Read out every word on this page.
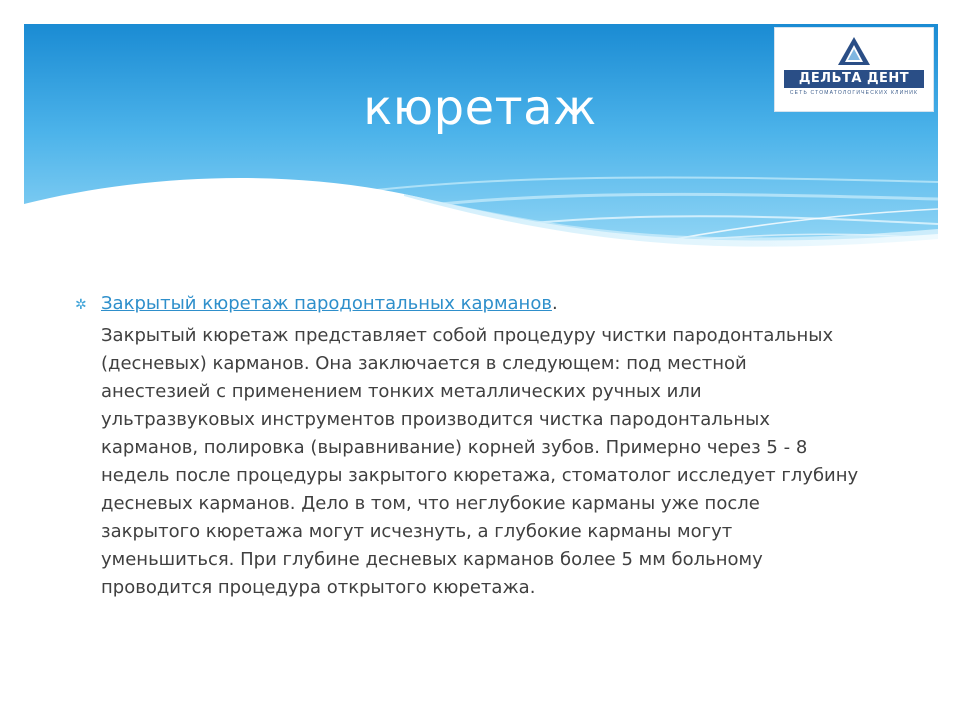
кюретаж
ДЕЛЬТА ДЕНТ
СЕТЬ СТОМАТОЛОГИЧЕСКИХ КЛИНИК
✲ Закрытый кюретаж пародонтальных карманов.

Закрытый кюретаж представляет собой процедуру чистки пародонтальных (десневых) карманов. Она заключается в следующем: под местной анестезией с применением тонких металлических ручных или ультразвуковых инструментов производится чистка пародонтальных карманов, полировка (выравнивание) корней зубов. Примерно через 5 - 8 недель после процедуры закрытого кюретажа, стоматолог исследует глубину десневых карманов. Дело в том, что неглубокие карманы уже после закрытого кюретажа могут исчезнуть, а глубокие карманы могут уменьшиться. При глубине десневых карманов более 5 мм больному проводится процедура открытого кюретажа.
